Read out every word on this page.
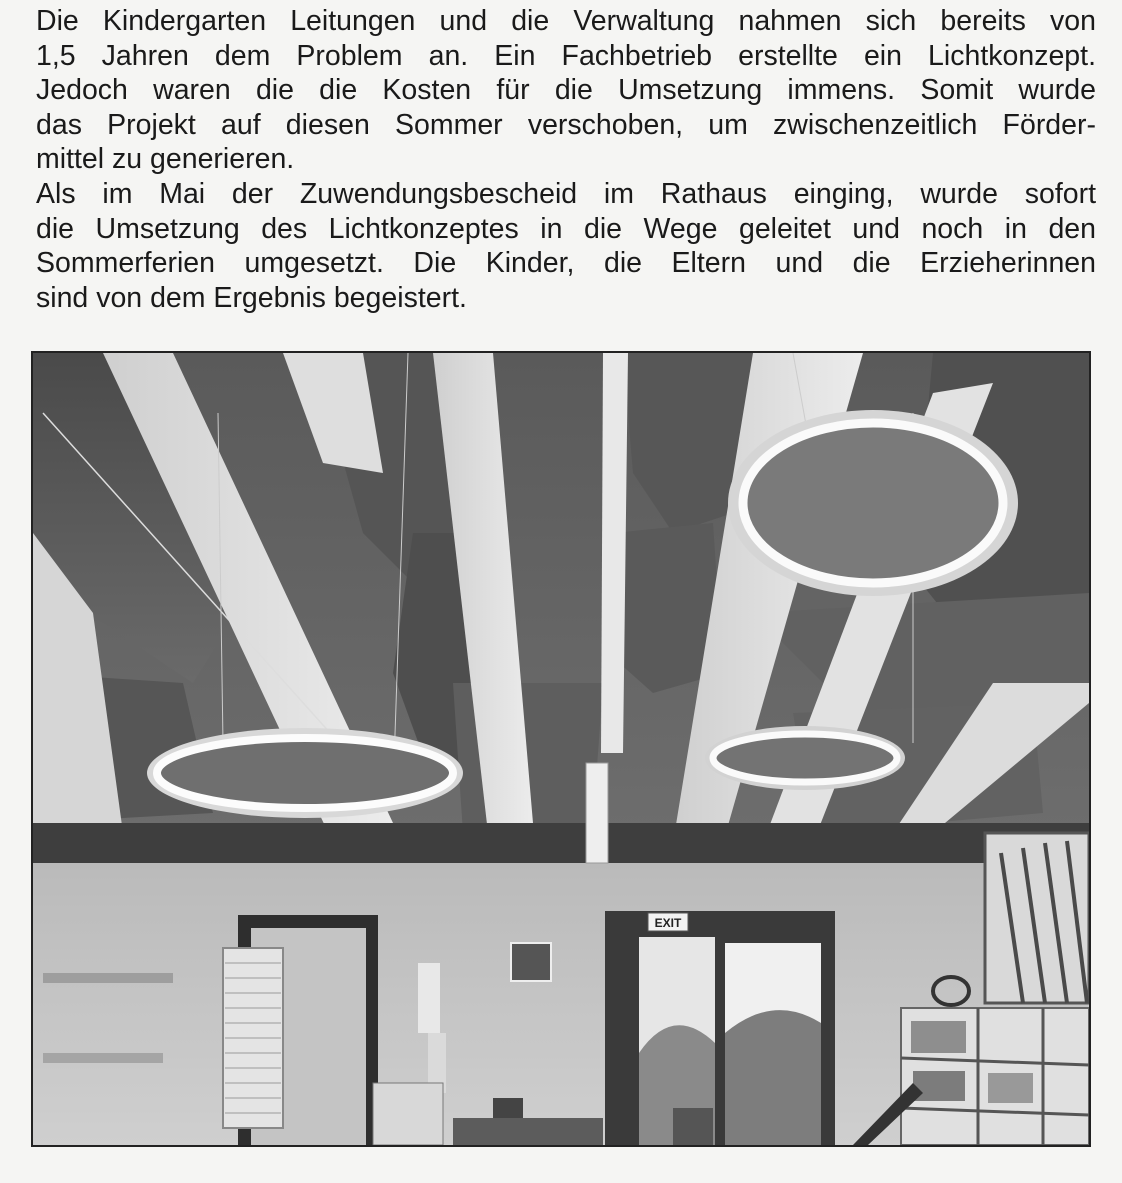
Die Kindergarten Leitungen und die Verwaltung nahmen sich bereits von
1,5 Jahren dem Problem an. Ein Fachbetrieb erstellte ein Lichtkonzept.
Jedoch waren die die Kosten für die Umsetzung immens. Somit wurde
das Projekt auf diesen Sommer verschoben, um zwischenzeitlich Förder-
mittel zu generieren.

Als im Mai der Zuwendungsbescheid im Rathaus einging, wurde sofort
die Umsetzung des Lichtkonzeptes in die Wege geleitet und noch in den
Sommerferien umgesetzt. Die Kinder, die Eltern und die Erzieherinnen
sind von dem Ergebnis begeistert.

EXIT
